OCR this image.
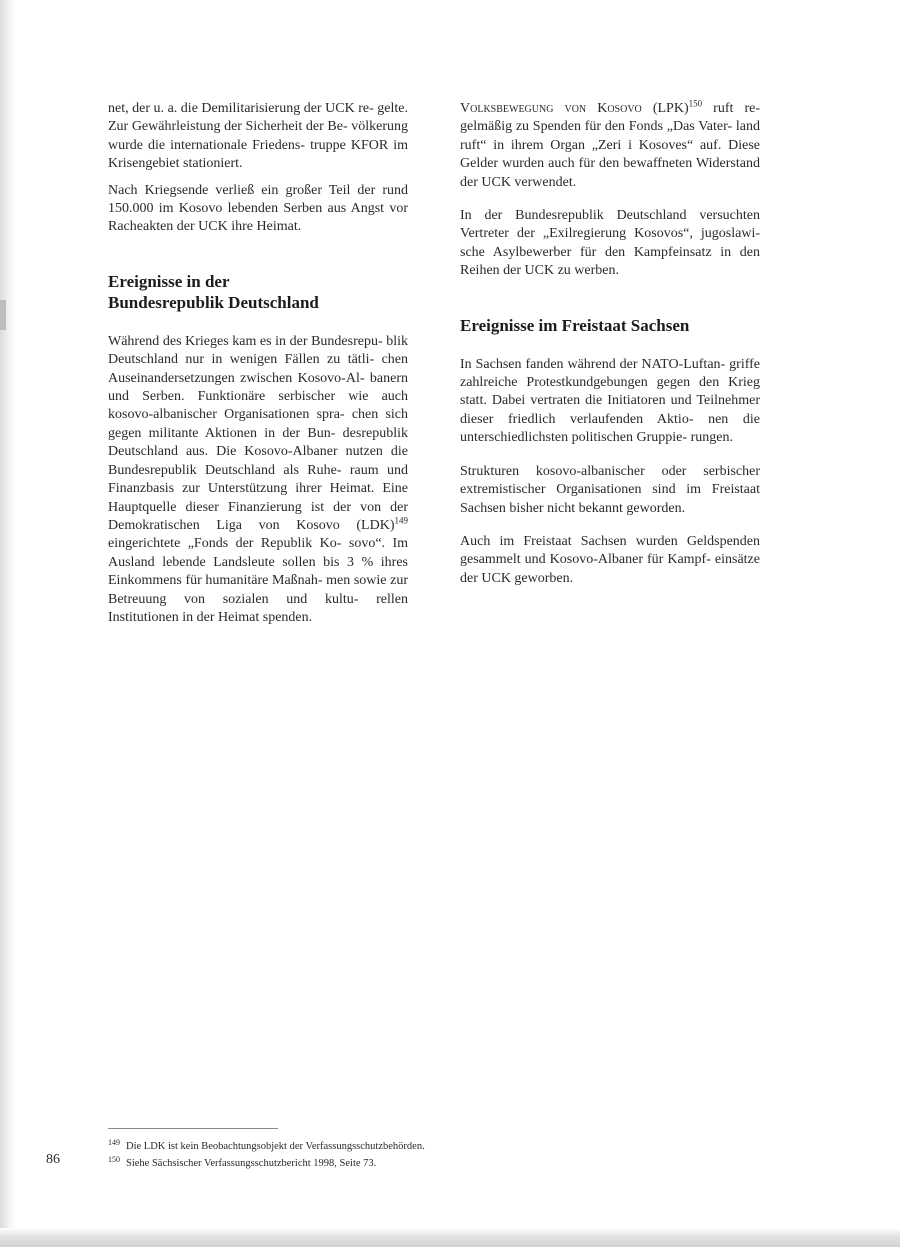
net, der u. a. die Demilitarisierung der UCK re- gelte. Zur Gewährleistung der Sicherheit der Be- völkerung wurde die internationale Friedens- truppe KFOR im Krisengebiet stationiert.

Nach Kriegsende verließ ein großer Teil der rund 150.000 im Kosovo lebenden Serben aus Angst vor Racheakten der UCK ihre Heimat.

Ereignisse in der
Bundesrepublik Deutschland

Während des Krieges kam es in der Bundesrepu- blik Deutschland nur in wenigen Fällen zu tätli- chen Auseinandersetzungen zwischen Kosovo-Al- banern und Serben. Funktionäre serbischer wie auch kosovo-albanischer Organisationen spra- chen sich gegen militante Aktionen in der Bun- desrepublik Deutschland aus. Die Kosovo-Albaner nutzen die Bundesrepublik Deutschland als Ruhe- raum und Finanzbasis zur Unterstützung ihrer Heimat. Eine Hauptquelle dieser Finanzierung ist der von der Demokratischen Liga von Kosovo (LDK)$^{149}$ eingerichtete „Fonds der Republik Ko- sovo“. Im Ausland lebende Landsleute sollen bis 3 % ihres Einkommens für humanitäre Maßnah- men sowie zur Betreuung von sozialen und kultu- rellen Institutionen in der Heimat spenden.

Volksbewegung von Kosovo (LPK)$^{150}$ ruft re- gelmäßig zu Spenden für den Fonds „Das Vater- land ruft“ in ihrem Organ „Zeri i Kosoves“ auf. Diese Gelder wurden auch für den bewaffneten Widerstand der UCK verwendet.

In der Bundesrepublik Deutschland versuchten Vertreter der „Exilregierung Kosovos“, jugoslawi- sche Asylbewerber für den Kampfeinsatz in den Reihen der UCK zu werben.

Ereignisse im Freistaat Sachsen

In Sachsen fanden während der NATO-Luftan- griffe zahlreiche Protestkundgebungen gegen den Krieg statt. Dabei vertraten die Initiatoren und Teilnehmer dieser friedlich verlaufenden Aktio- nen die unterschiedlichsten politischen Gruppie- rungen.

Strukturen kosovo-albanischer oder serbischer extremistischer Organisationen sind im Freistaat Sachsen bisher nicht bekannt geworden.

Auch im Freistaat Sachsen wurden Geldspenden gesammelt und Kosovo-Albaner für Kampf- einsätze der UCK geworben.

$^{149}$ Die LDK ist kein Beobachtungsobjekt der Verfassungsschutzbehörden.
$^{150}$ Siehe Sächsischer Verfassungsschutzbericht 1998, Seite 73.
86
